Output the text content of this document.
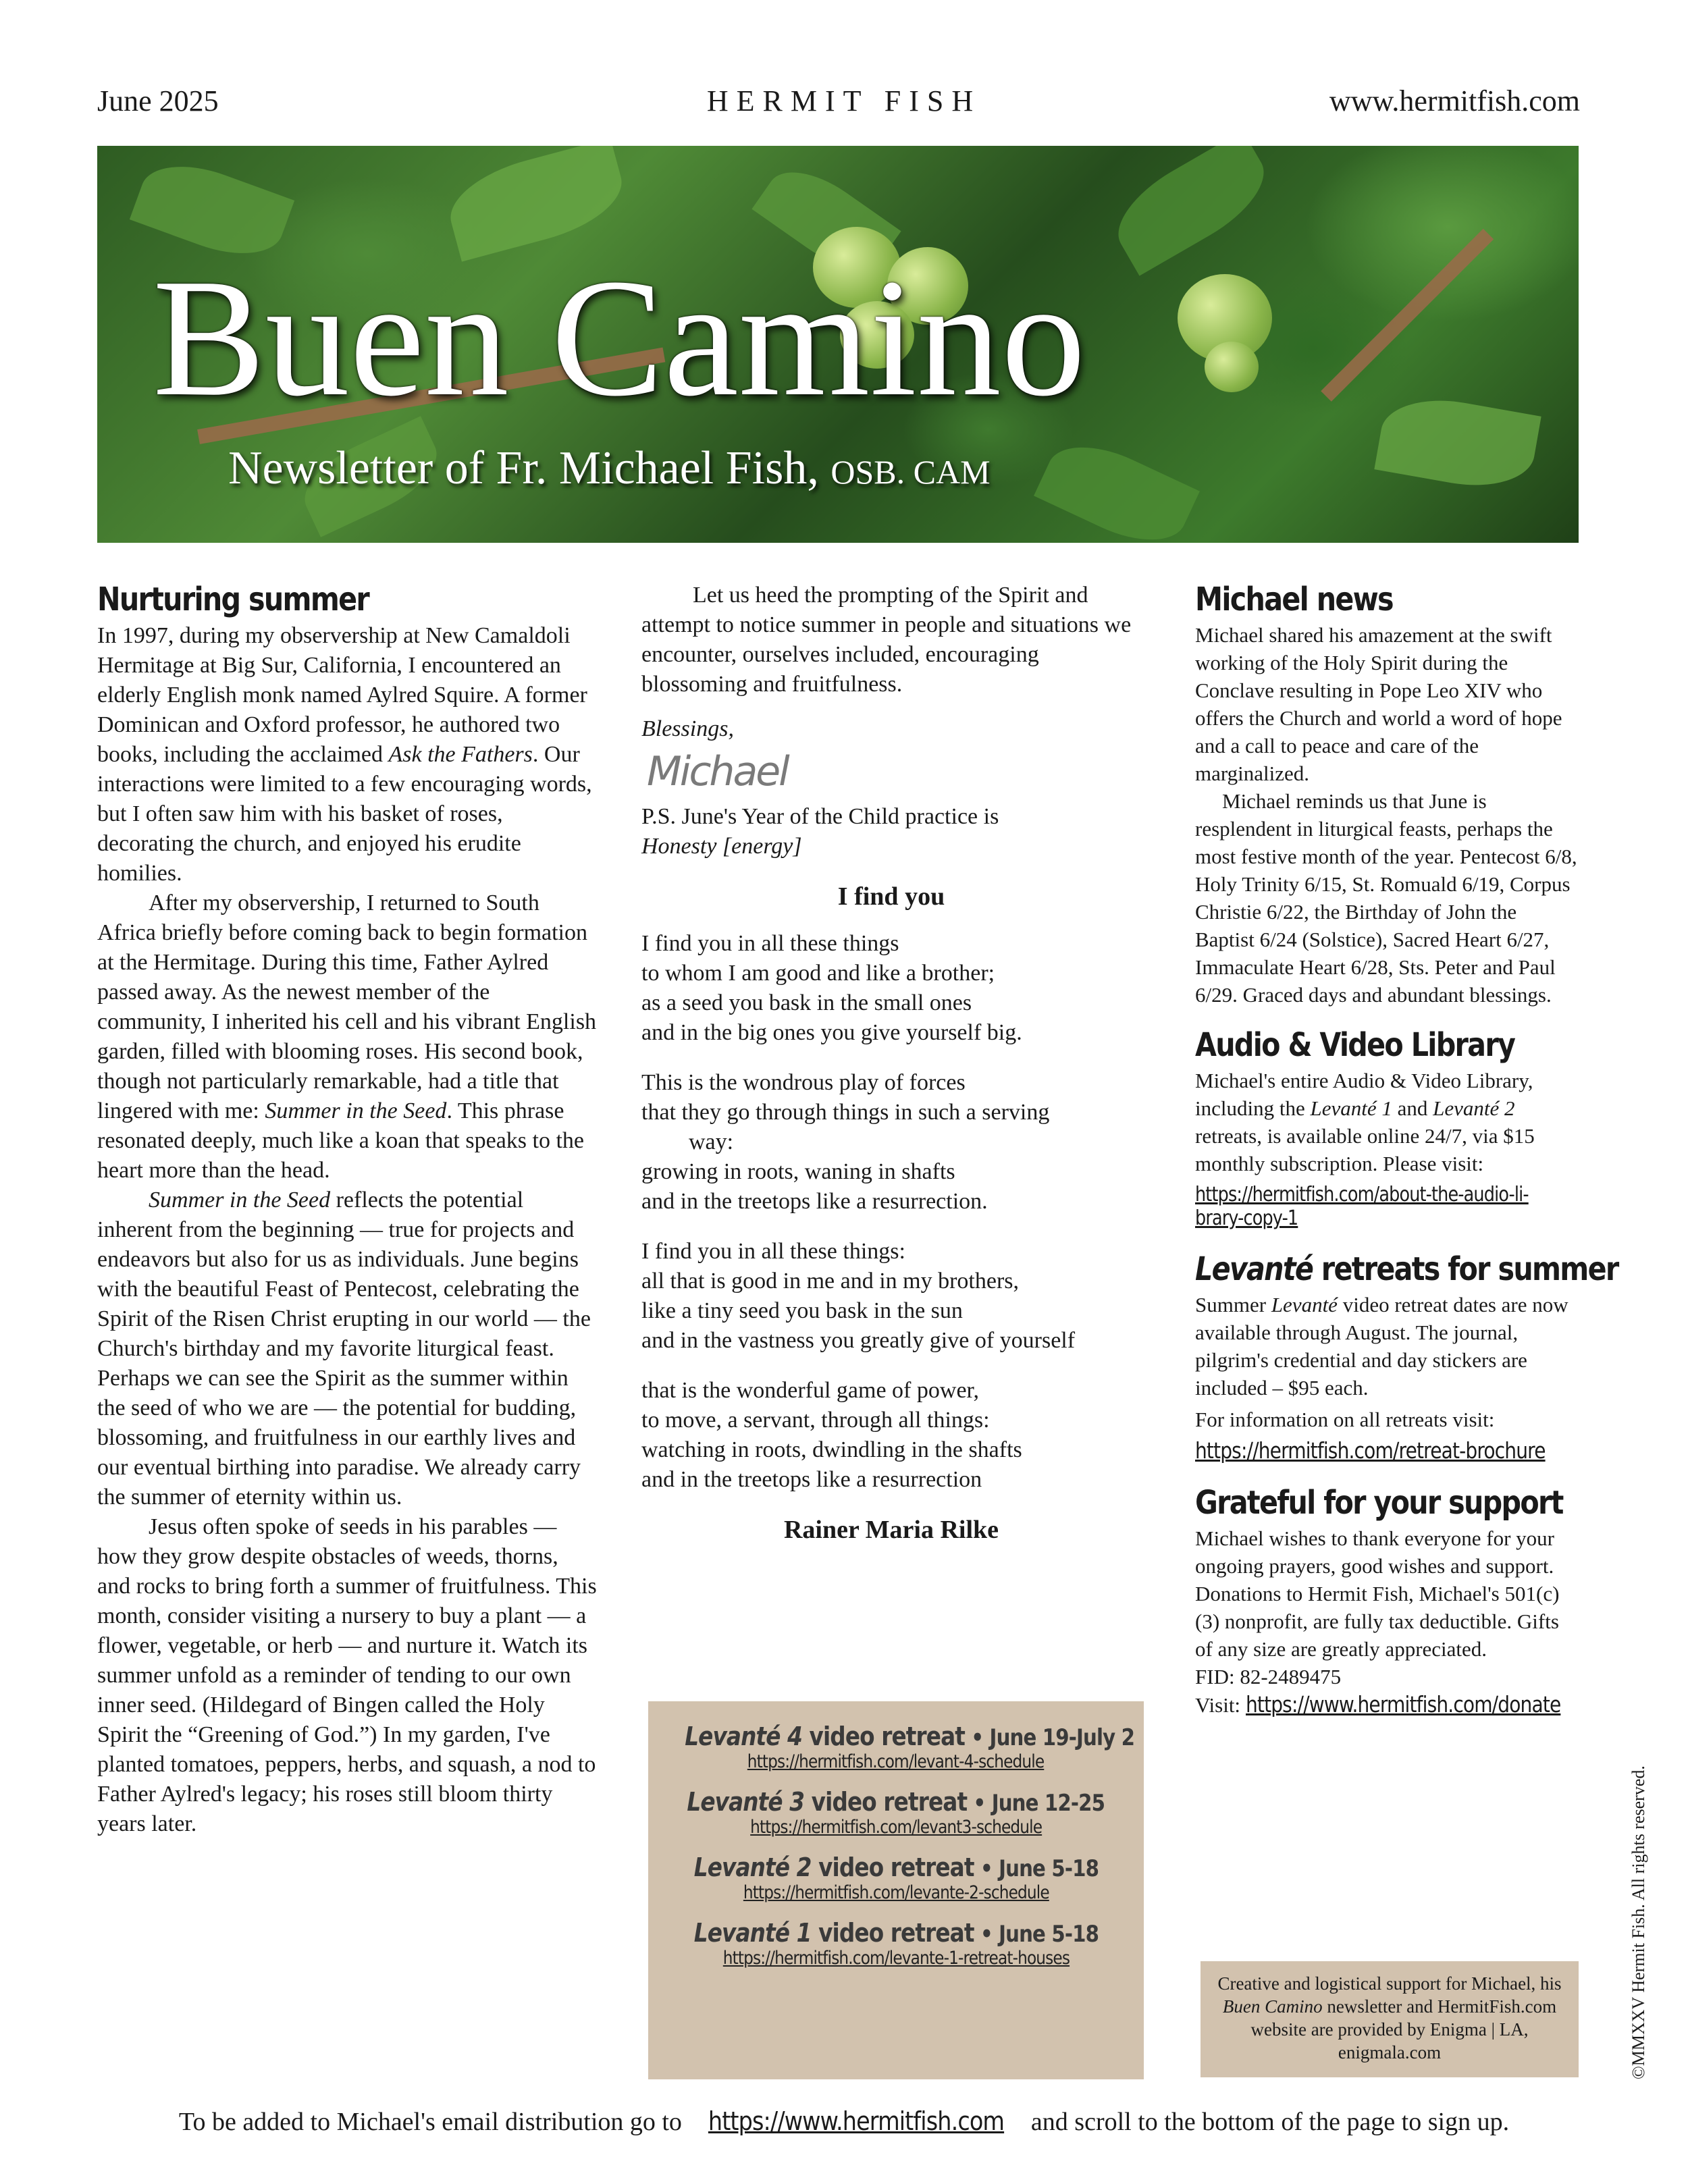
June 2025	HERMIT FISH	www.hermitfish.com
Buen Camino
Newsletter of Fr. Michael Fish, OSB. CAM
Nurturing summer

In 1997, during my observership at New Camaldoli Hermitage at Big Sur, California, I encountered an elderly English monk named Aylred Squire. A former Dominican and Oxford professor, he authored two books, including the acclaimed Ask the Fathers. Our interactions were limited to a few encouraging words, but I often saw him with his basket of roses, decorating the church, and enjoyed his erudite homilies.

After my observership, I returned to South Africa briefly before coming back to begin formation at the Hermitage. During this time, Father Aylred passed away. As the newest member of the community, I inherited his cell and his vibrant English garden, filled with blooming roses. His second book, though not particularly remarkable, had a title that lingered with me: Summer in the Seed. This phrase resonated deeply, much like a koan that speaks to the heart more than the head.

Summer in the Seed reflects the potential inherent from the beginning — true for projects and endeavors but also for us as individuals. June begins with the beautiful Feast of Pentecost, celebrating the Spirit of the Risen Christ erupting in our world — the Church's birthday and my favorite liturgical feast. Perhaps we can see the Spirit as the summer within the seed of who we are — the potential for budding, blossoming, and fruitfulness in our earthly lives and our eventual birthing into paradise. We already carry the summer of eternity within us.

Jesus often spoke of seeds in his parables — how they grow despite obstacles of weeds, thorns, and rocks to bring forth a summer of fruitfulness. This month, consider visiting a nursery to buy a plant — a flower, vegetable, or herb — and nurture it. Watch its summer unfold as a reminder of tending to our own inner seed. (Hildegard of Bingen called the Holy Spirit the “Greening of God.”) In my garden, I've planted tomatoes, peppers, herbs, and squash, a nod to Father Aylred's legacy; his roses still bloom thirty years later.

Let us heed the prompting of the Spirit and attempt to notice summer in people and situations we encounter, ourselves included, encouraging blossoming and fruitfulness.

Blessings,

Michael

P.S. June's Year of the Child practice is

Honesty [energy]

I find you
I find you in all these things
to whom I am good and like a brother;
as a seed you bask in the small ones
and in the big ones you give yourself big.
This is the wondrous play of forces
that they go through things in such a serving
way:
growing in roots, waning in shafts
and in the treetops like a resurrection.
I find you in all these things:
all that is good in me and in my brothers,
like a tiny seed you bask in the sun
and in the vastness you greatly give of yourself
that is the wonderful game of power,
to move, a servant, through all things:
watching in roots, dwindling in the shafts
and in the treetops like a resurrection
Rainer Maria Rilke
Levanté 4 video retreat • June 19-July 2
https://hermitfish.com/levant-4-schedule
Levanté 3 video retreat • June 12-25
https://hermitfish.com/levant3-schedule
Levanté 2 video retreat • June 5-18
https://hermitfish.com/levante-2-schedule
Levanté 1 video retreat • June 5-18
https://hermitfish.com/levante-1-retreat-houses
Michael news

Michael shared his amazement at the swift working of the Holy Spirit during the Conclave resulting in Pope Leo XIV who offers the Church and world a word of hope and a call to peace and care of the marginalized.

Michael reminds us that June is resplendent in liturgical feasts, perhaps the most festive month of the year. Pentecost 6/8, Holy Trinity 6/15, St. Romuald 6/19, Corpus Christie 6/22, the Birthday of John the Baptist 6/24 (Solstice), Sacred Heart 6/27, Immaculate Heart 6/28, Sts. Peter and Paul 6/29. Graced days and abundant blessings.

Audio & Video Library

Michael's entire Audio & Video Library, including the Levanté 1 and Levanté 2 retreats, is available online 24/7, via $15 monthly subscription. Please visit:

https://hermitfish.com/about-the-audio-li-
brary-copy-1
Levanté retreats for summer

Summer Levanté video retreat dates are now available through August. The journal, pilgrim's credential and day stickers are included – $95 each.

For information on all retreats visit:

https://hermitfish.com/retreat-brochure
Grateful for your support

Michael wishes to thank everyone for your ongoing prayers, good wishes and support. Donations to Hermit Fish, Michael's 501(c)(3) nonprofit, are fully tax deductible. Gifts of any size are greatly appreciated.

FID: 82-2489475

Visit: https://www.hermitfish.com/donate

Creative and logistical support for Michael, his Buen Camino newsletter and HermitFish.com website are provided by Enigma | LA, enigmala.com	©MMXXV Hermit Fish. All rights reserved.
To be added to Michael's email distribution go to https://www.hermitfish.com and scroll to the bottom of the page to sign up.
